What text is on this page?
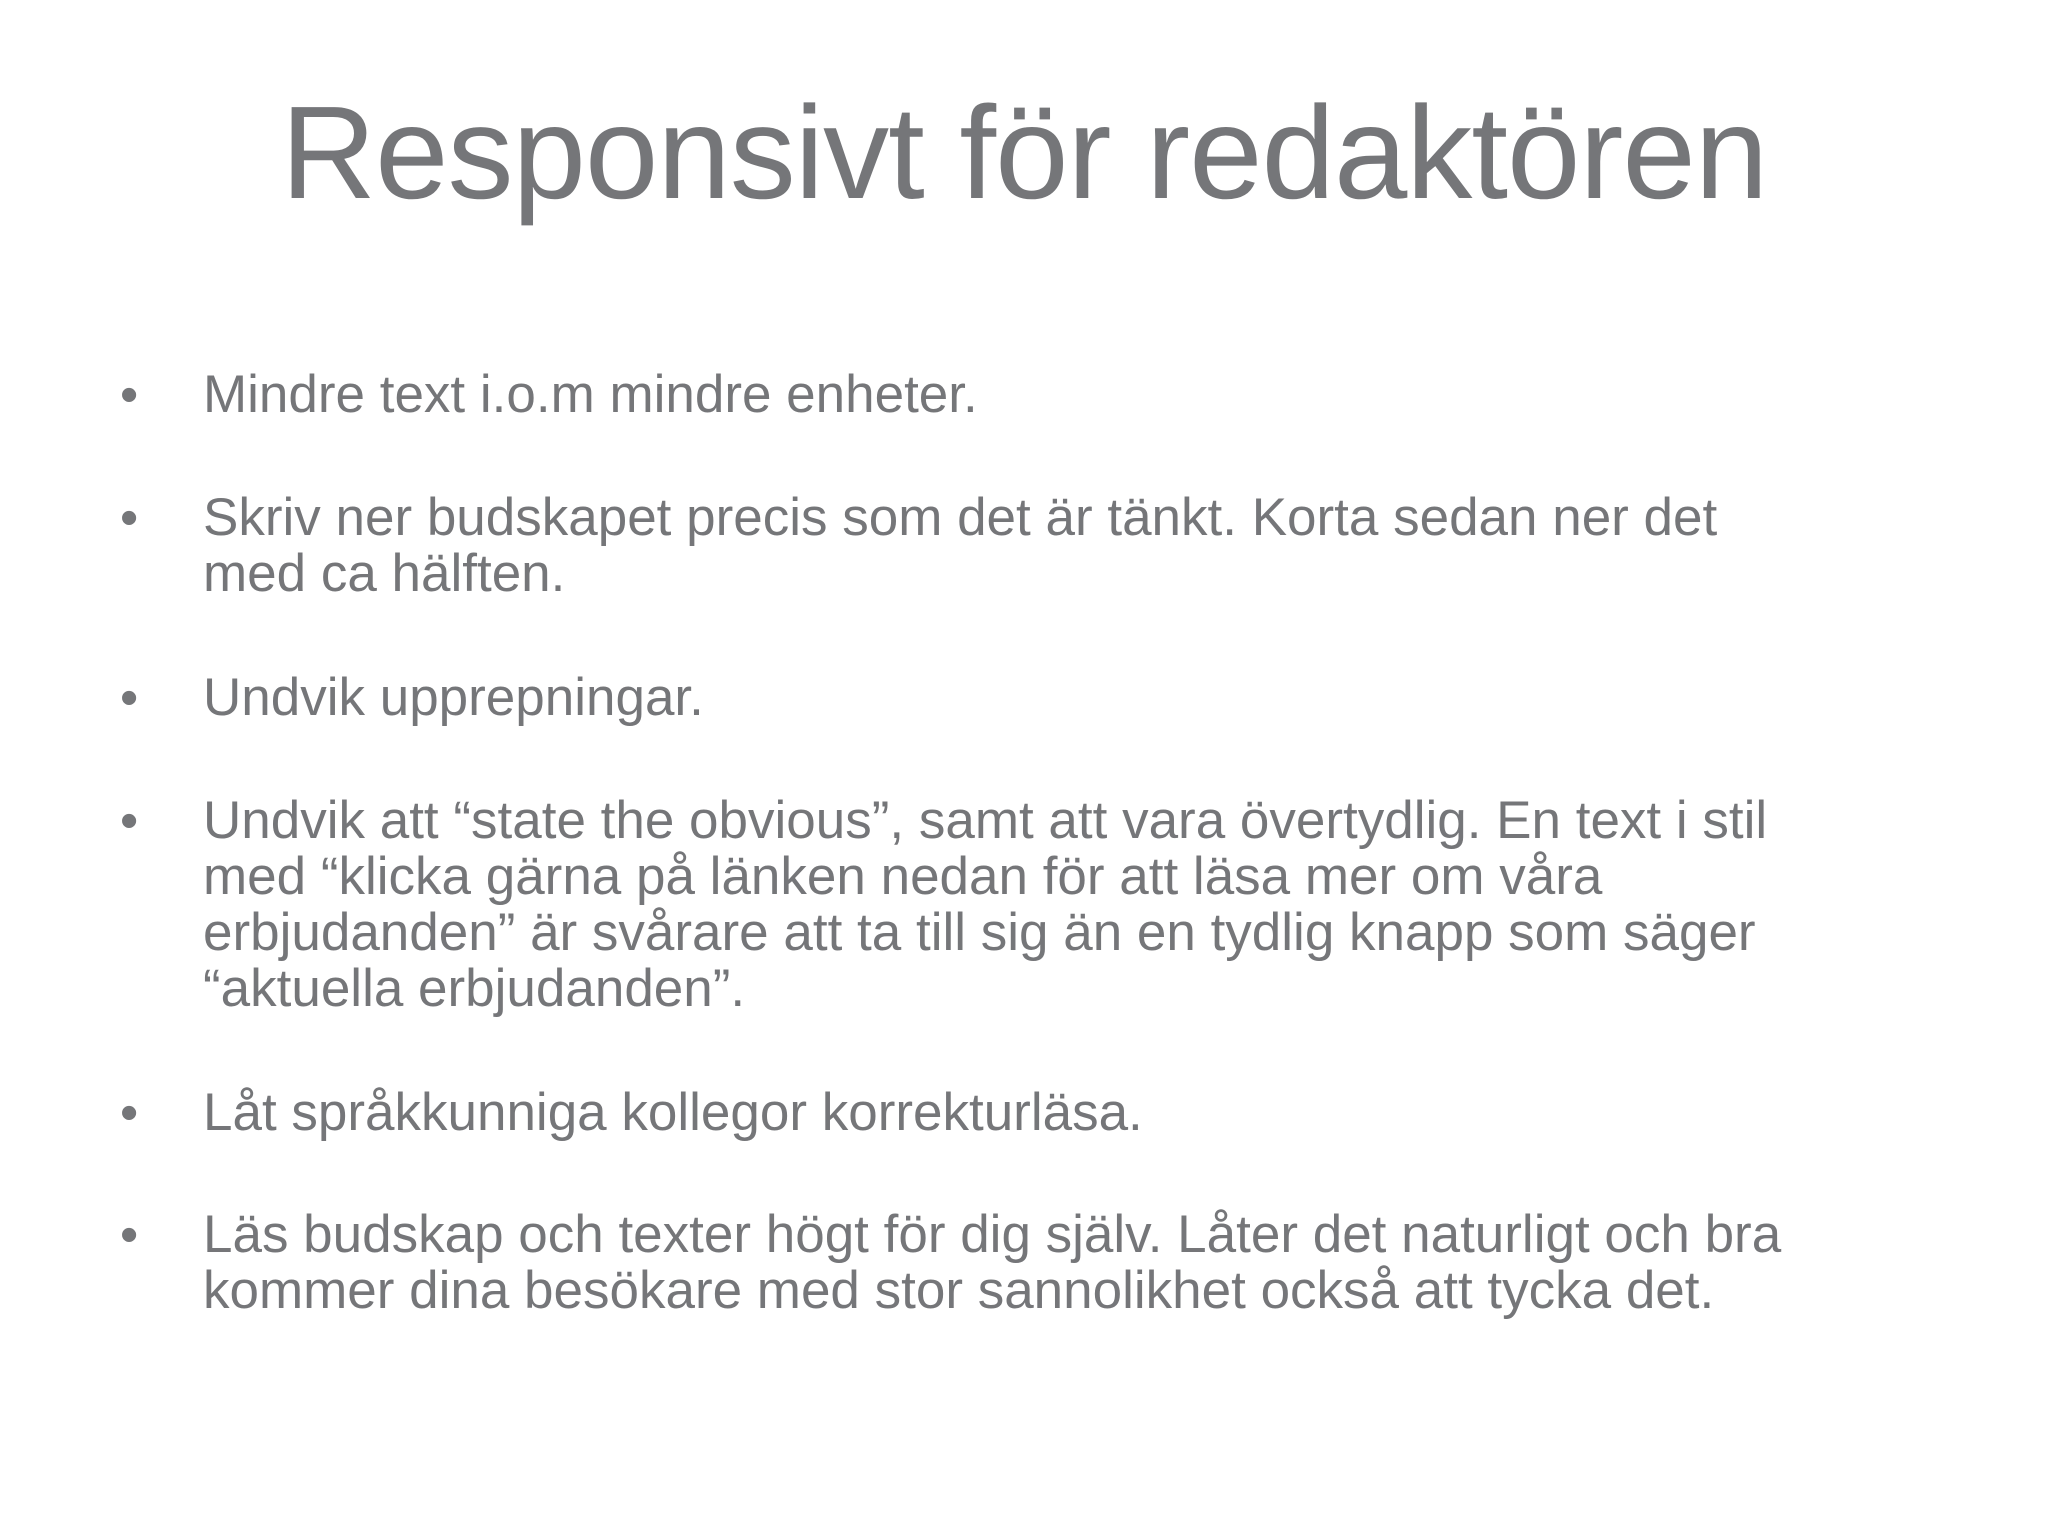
Responsivt för redaktören
• Mindre text i.o.m mindre enheter.
• Skriv ner budskapet precis som det är tänkt. Korta sedan ner det
med ca hälften.
• Undvik upprepningar.
• Undvik att “state the obvious”, samt att vara övertydlig. En text i stil
med “klicka gärna på länken nedan för att läsa mer om våra
erbjudanden” är svårare att ta till sig än en tydlig knapp som säger
“aktuella erbjudanden”.
• Låt språkkunniga kollegor korrekturläsa.
• Läs budskap och texter högt för dig själv. Låter det naturligt och bra
kommer dina besökare med stor sannolikhet också att tycka det.
